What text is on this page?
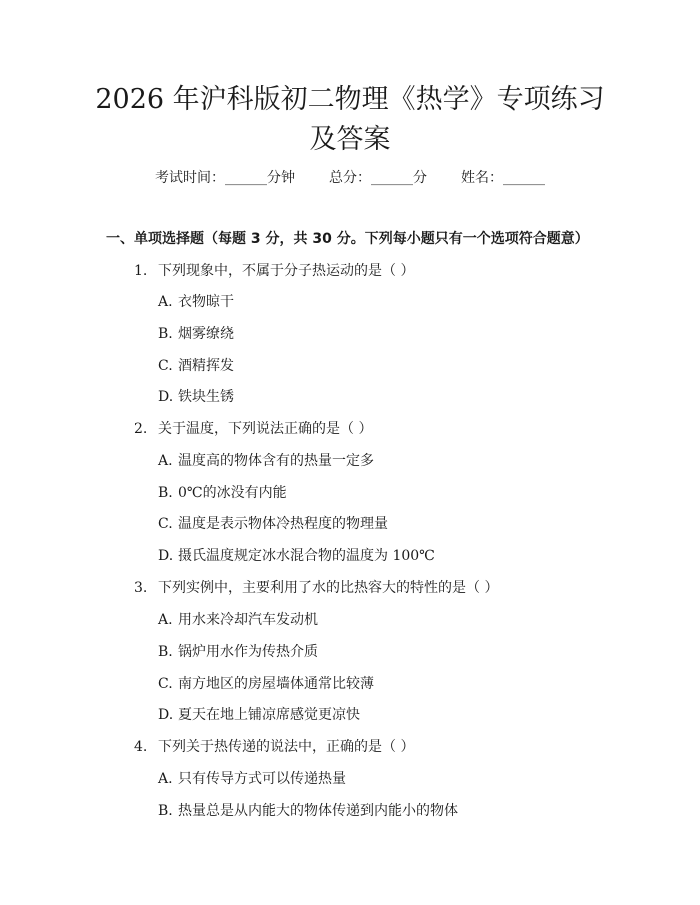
2026 年沪科版初二物理《热学》专项练习及答案
考试时间：______分钟 总分：______分 姓名：______
一、单项选择题（每题 3 分，共 30 分。下列每小题只有一个选项符合题意）
1. 下列现象中，不属于分子热运动的是（ ）
A. 衣物晾干
B. 烟雾缭绕
C. 酒精挥发
D. 铁块生锈
2. 关于温度，下列说法正确的是（ ）
A. 温度高的物体含有的热量一定多
B. 0℃的冰没有内能
C. 温度是表示物体冷热程度的物理量
D. 摄氏温度规定冰水混合物的温度为 100℃
3. 下列实例中，主要利用了水的比热容大的特性的是（ ）
A. 用水来冷却汽车发动机
B. 锅炉用水作为传热介质
C. 南方地区的房屋墙体通常比较薄
D. 夏天在地上铺凉席感觉更凉快
4. 下列关于热传递的说法中，正确的是（ ）
A. 只有传导方式可以传递热量
B. 热量总是从内能大的物体传递到内能小的物体
